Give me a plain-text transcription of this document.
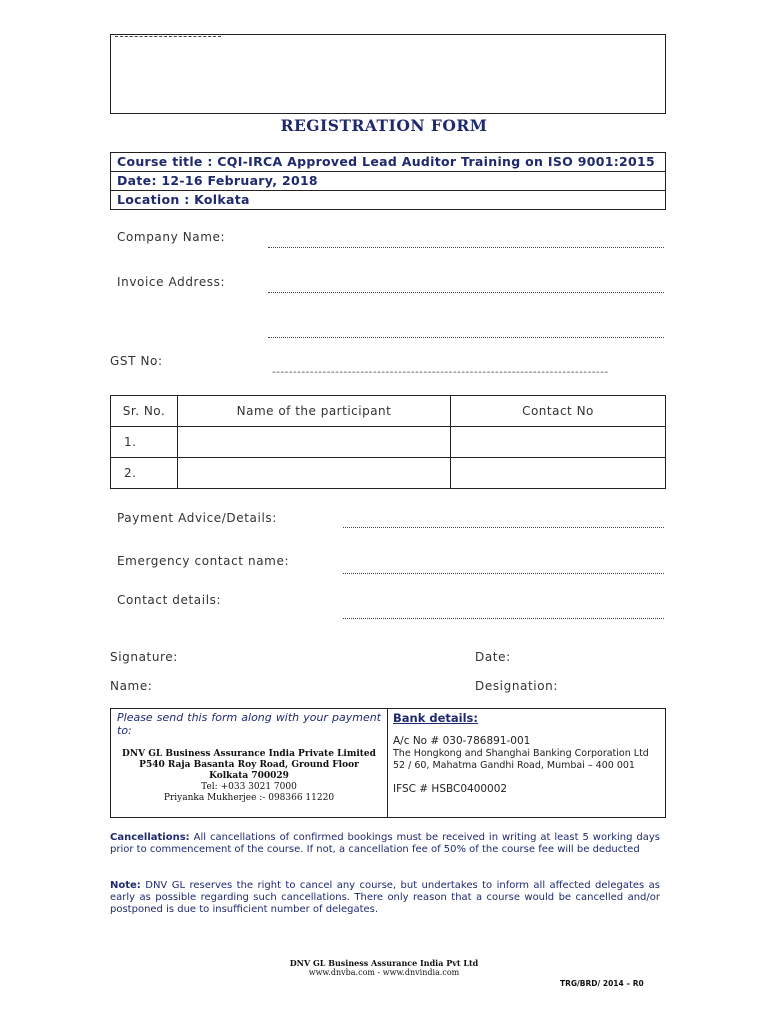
REGISTRATION FORM
Course title : CQI-IRCA Approved Lead Auditor Training on ISO 9001:2015
Date: 12-16 February, 2018
Location : Kolkata
Company Name:
Invoice Address:
GST No:
--------------------------------------------------------------------------------
Sr. No.	Name of the participant	Contact No
1.		
2.		
Payment Advice/Details:
Emergency contact name:
Contact details:
Signature:	Date:
Name:	Designation:
Please send this form along with your payment to:
DNV GL Business Assurance India Private Limited
P540 Raja Basanta Roy Road, Ground Floor
Kolkata 700029
Tel: +033 3021 7000
Priyanka Mukherjee :- 098366 11220
Bank details:
A/c No # 030-786891-001
The Hongkong and Shanghai Banking Corporation Ltd
52 / 60, Mahatma Gandhi Road, Mumbai – 400 001
IFSC # HSBC0400002
Cancellations: All cancellations of confirmed bookings must be received in writing at least 5 working days prior to commencement of the course. If not, a cancellation fee of 50% of the course fee will be deducted
Note: DNV GL reserves the right to cancel any course, but undertakes to inform all affected delegates as early as possible regarding such cancellations. There only reason that a course would be cancelled and/or postponed is due to insufficient number of delegates.
DNV GL Business Assurance India Pvt Ltd
www.dnvba.com - www.dnvindia.com
TRG/BRD/ 2014 – R0
